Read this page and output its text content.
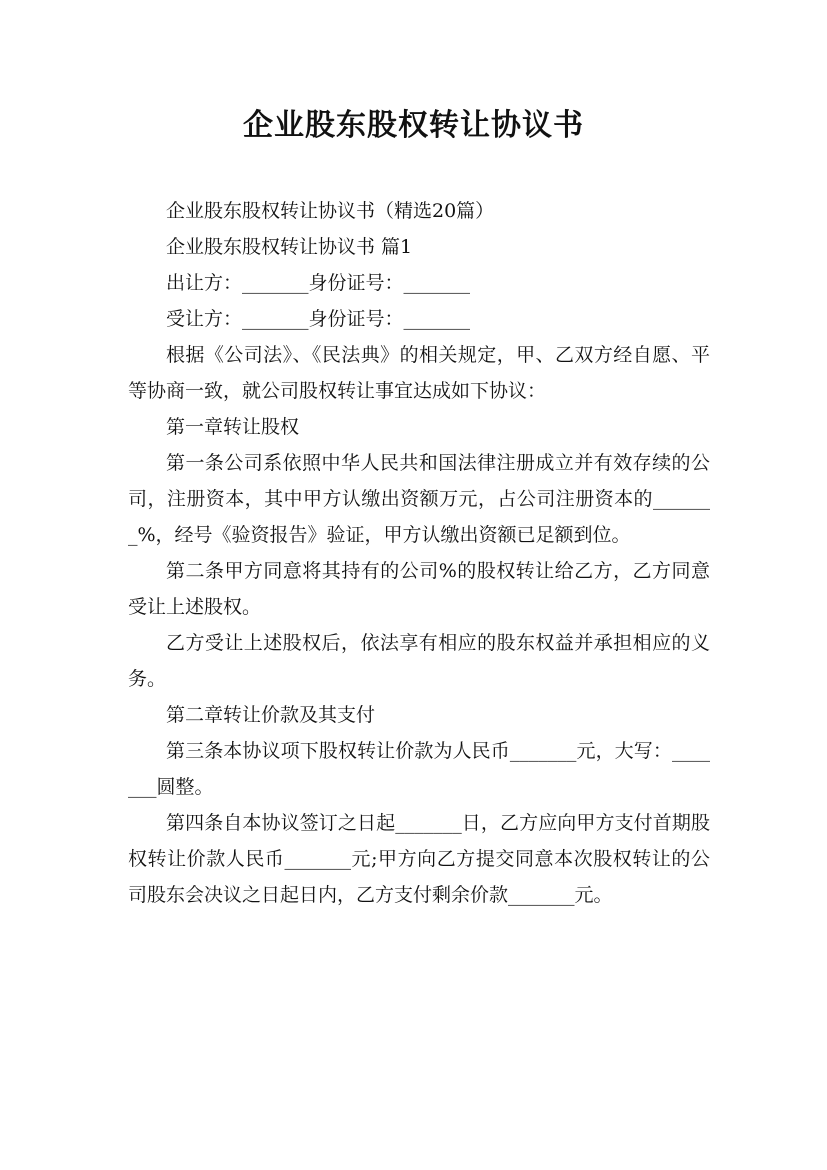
企业股东股权转让协议书

企业股东股权转让协议书（精选20篇）

企业股东股权转让协议书 篇1

出让方：_______身份证号：_______

受让方：_______身份证号：_______

根据《公司法》、《民法典》的相关规定，甲、乙双方经自愿、平等协商一致，就公司股权转让事宜达成如下协议：

第一章转让股权

第一条公司系依照中华人民共和国法律注册成立并有效存续的公司，注册资本，其中甲方认缴出资额万元，占公司注册资本的_______%，经号《验资报告》验证，甲方认缴出资额已足额到位。

第二条甲方同意将其持有的公司%的股权转让给乙方，乙方同意受让上述股权。

乙方受让上述股权后，依法享有相应的股东权益并承担相应的义务。

第二章转让价款及其支付

第三条本协议项下股权转让价款为人民币_______元，大写：_______圆整。

第四条自本协议签订之日起_______日，乙方应向甲方支付首期股权转让价款人民币_______元;甲方向乙方提交同意本次股权转让的公司股东会决议之日起日内，乙方支付剩余价款_______元。
